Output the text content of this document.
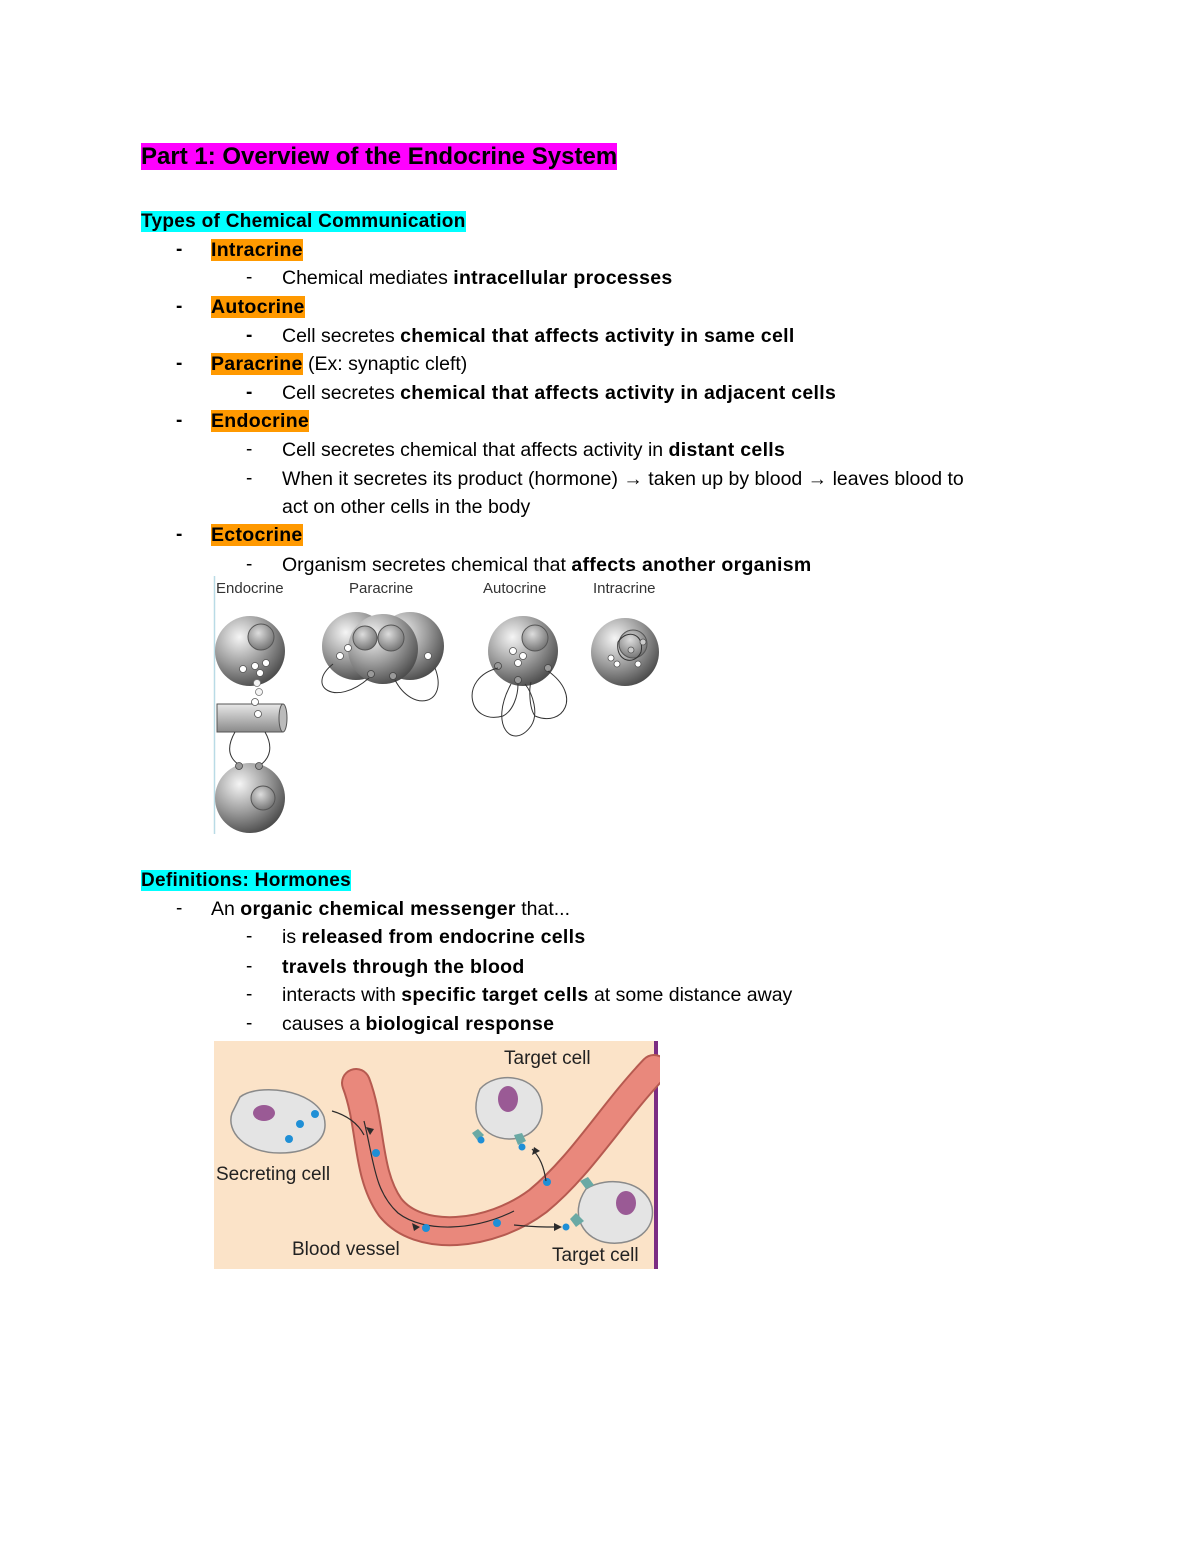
Part 1: Overview of the Endocrine System
Types of Chemical Communication
- Intracrine
- Chemical mediates intracellular processes
- Autocrine
- Cell secretes chemical that affects activity in same cell
- Paracrine (Ex: synaptic cleft)
- Cell secretes chemical that affects activity in adjacent cells
- Endocrine
- Cell secretes chemical that affects activity in distant cells
- When it secretes its product (hormone) → taken up by blood → leaves blood to
act on other cells in the body
- Ectocrine
- Organism secretes chemical that affects another organism
Endocrine	Paracrine	Autocrine	Intracrine
Definitions: Hormones
- An organic chemical messenger that...
- is released from endocrine cells
- travels through the blood
- interacts with specific target cells at some distance away
- causes a biological response
Target cell
Secreting cell
Blood vessel	Target cell
